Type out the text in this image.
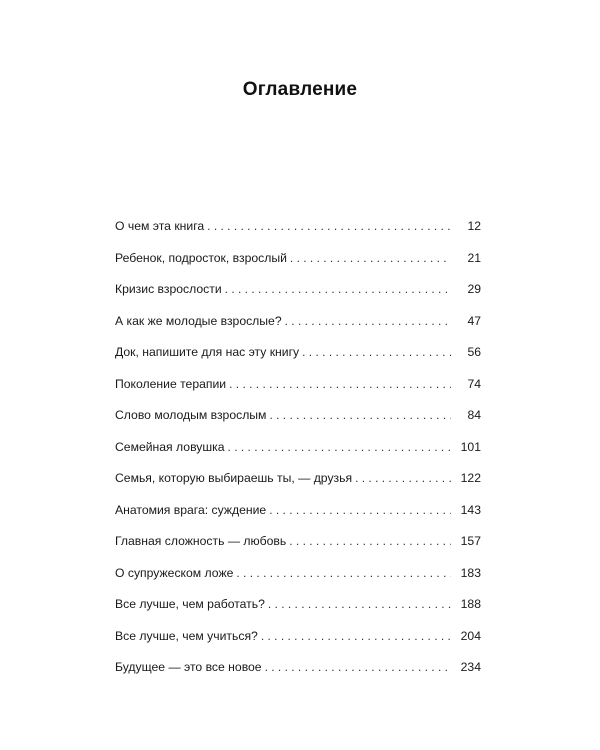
Оглавление
О чем эта книга . . .	12
Ребенок, подросток, взрослый . . .	21
Кризис взрослости . . .	29
А как же молодые взрослые? . . .	47
Док, напишите для нас эту книгу . . .	56
Поколение терапии . . .	74
Слово молодым взрослым . . .	84
Семейная ловушка . . .	101
Семья, которую выбираешь ты, — друзья . . .	122
Анатомия врага: суждение . . .	143
Главная сложность — любовь . . .	157
О супружеском ложе . . .	183
Все лучше, чем работать? . . .	188
Все лучше, чем учиться? . . .	204
Будущее — это все новое . . .	234
